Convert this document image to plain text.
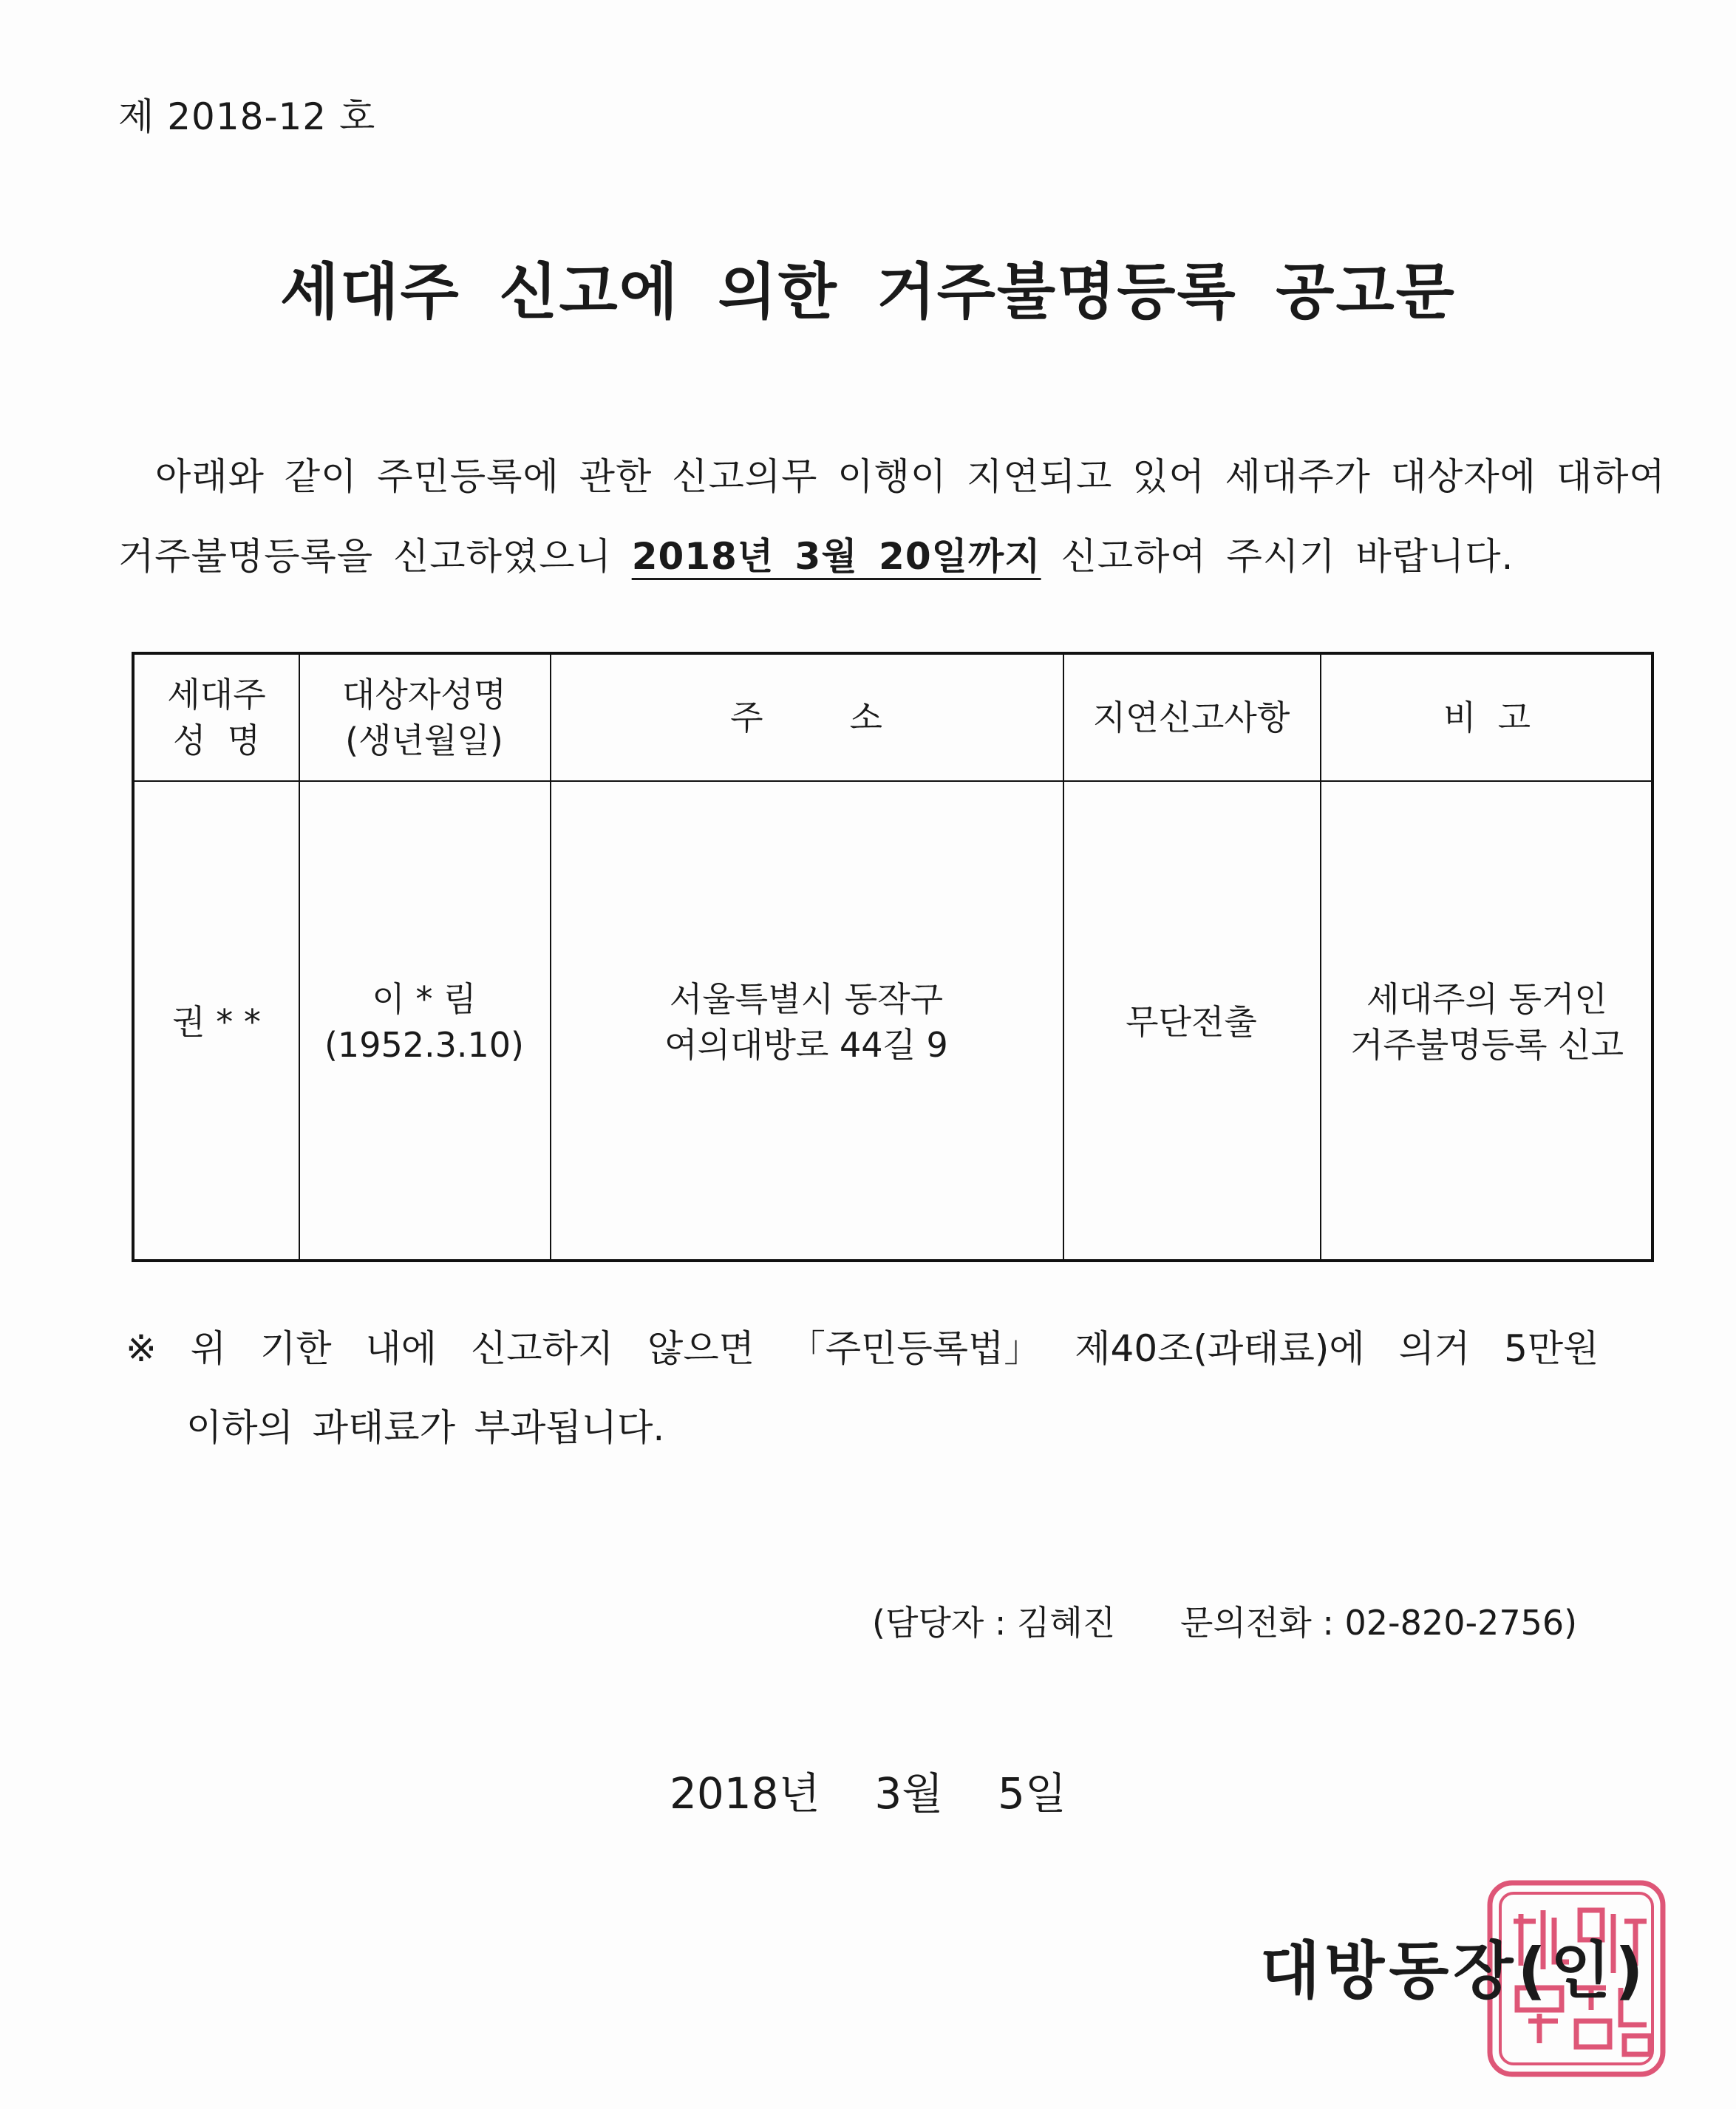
제 2018-12 호
세대주 신고에 의한 거주불명등록 공고문
아래와 같이 주민등록에 관한 신고의무 이행이 지연되고 있어 세대주가 대상자에 대하여
거주불명등록을 신고하였으니 2018년 3월 20일까지 신고하여 주시기 바랍니다.
세대주
성  명
대상자성명
(생년월일)
주        소	지연신고사항	비  고
권 * *
이 * 림
(1952.3.10)
서울특별시 동작구
여의대방로 44길 9
무단전출
세대주의 동거인
거주불명등록 신고
※ 위 기한 내에 신고하지 않으면 「주민등록법」 제40조(과태료)에 의거 5만원
이하의 과태료가 부과됩니다.
(담당자 : 김혜진      문의전화 : 02-820-2756)
2018년    3월    5일
대방동장(인)
